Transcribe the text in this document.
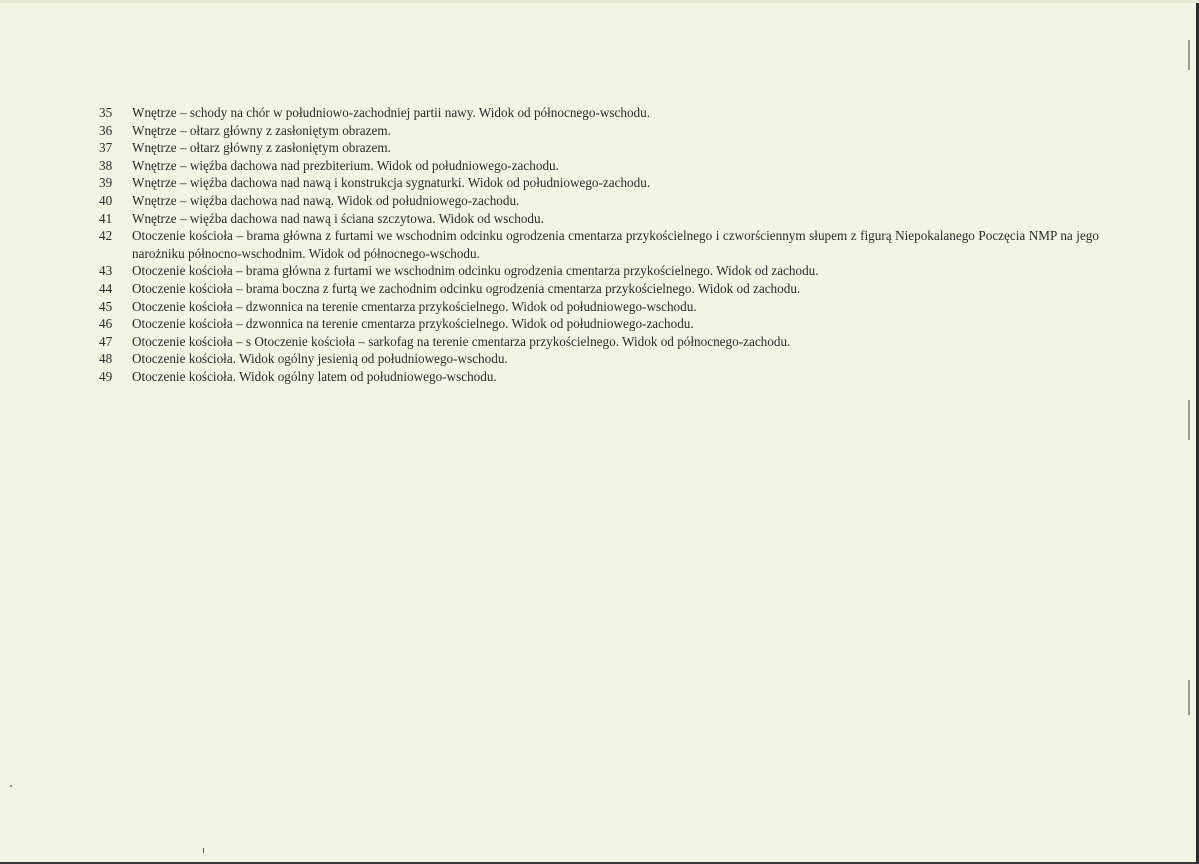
35	Wnętrze – schody na chór w południowo-zachodniej partii nawy. Widok od północnego-wschodu.
36	Wnętrze – ołtarz główny z zasłoniętym obrazem.
37	Wnętrze – ołtarz główny z zasłoniętym obrazem.
38	Wnętrze – więźba dachowa nad prezbiterium. Widok od południowego-zachodu.
39	Wnętrze – więźba dachowa nad nawą i konstrukcja sygnaturki. Widok od południowego-zachodu.
40	Wnętrze – więźba dachowa nad nawą. Widok od południowego-zachodu.
41	Wnętrze – więźba dachowa nad nawą i ściana szczytowa. Widok od wschodu.
42	Otoczenie kościoła – brama główna z furtami we wschodnim odcinku ogrodzenia cmentarza przykościelnego i czworściennym słupem z figurą Niepokalanego Poczęcia NMP na jego narożniku północno-wschodnim. Widok od północnego-wschodu.
43	Otoczenie kościoła – brama główna z furtami we wschodnim odcinku ogrodzenia cmentarza przykościelnego. Widok od zachodu.
44	Otoczenie kościoła – brama boczna z furtą we zachodnim odcinku ogrodzenia cmentarza przykościelnego. Widok od zachodu.
45	Otoczenie kościoła – dzwonnica na terenie cmentarza przykościelnego. Widok od południowego-wschodu.
46	Otoczenie kościoła – dzwonnica na terenie cmentarza przykościelnego. Widok od południowego-zachodu.
47	Otoczenie kościoła – s Otoczenie kościoła – sarkofag na terenie cmentarza przykościelnego. Widok od północnego-zachodu.
48	Otoczenie kościoła. Widok ogólny jesienią od południowego-wschodu.
49	Otoczenie kościoła. Widok ogólny latem od południowego-wschodu.
